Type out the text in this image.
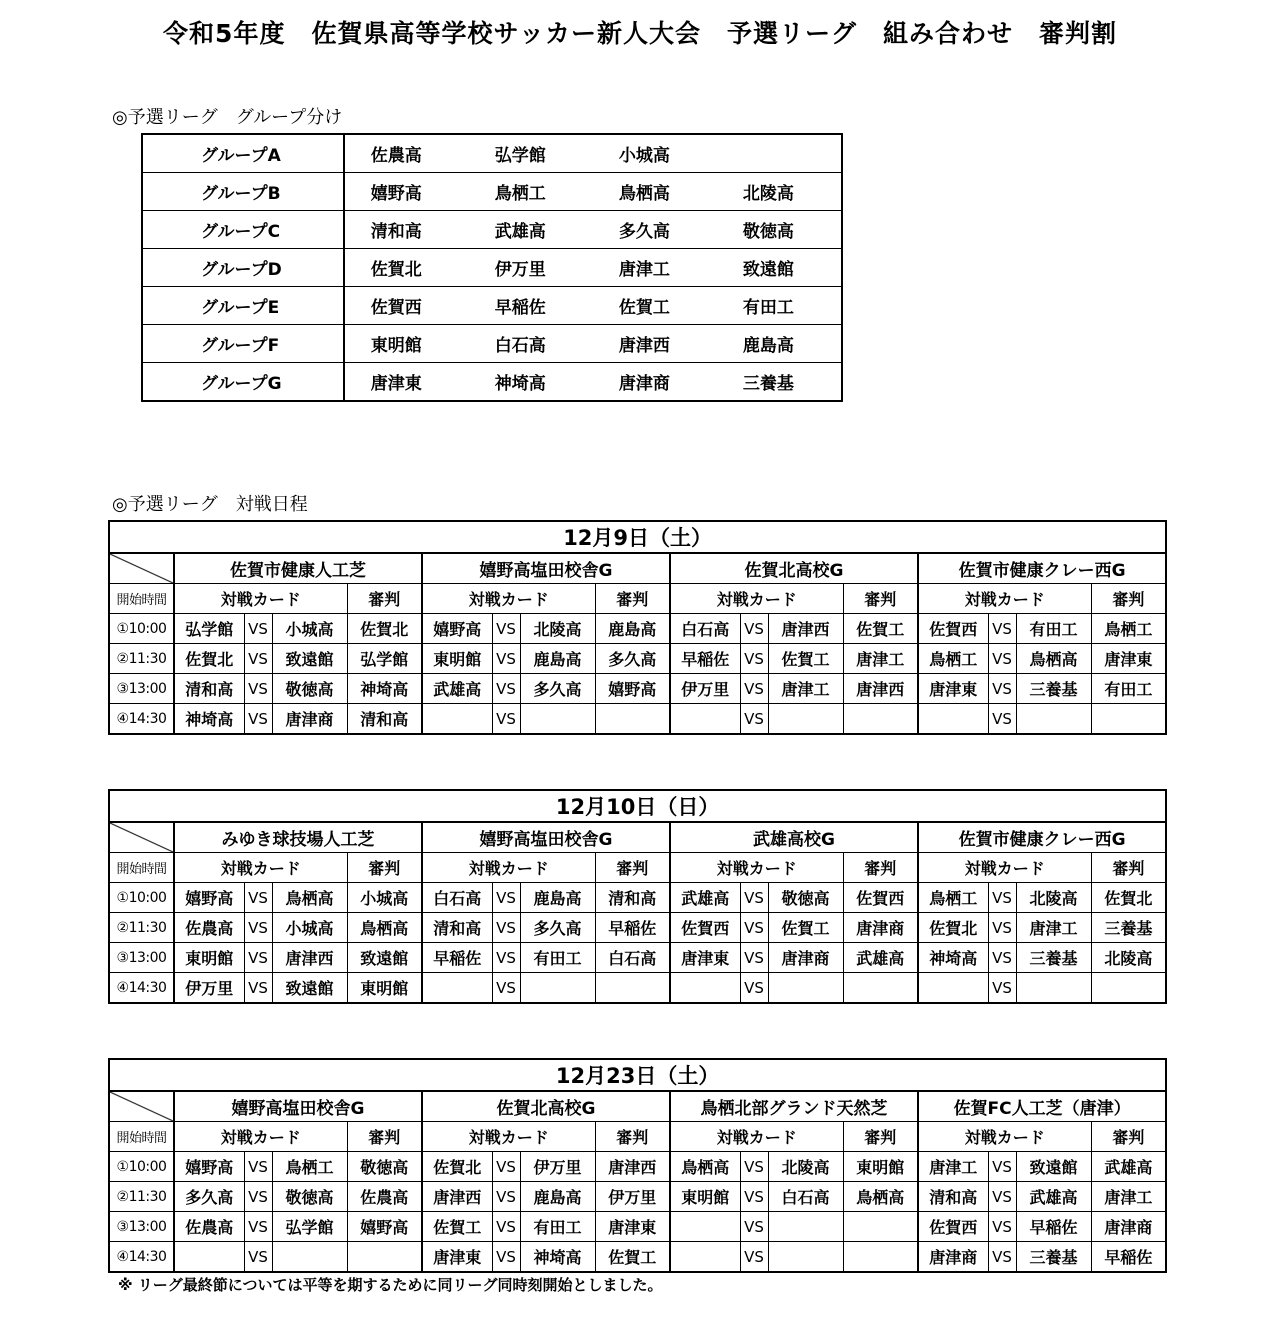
令和5年度　佐賀県高等学校サッカー新人大会　予選リーグ　組み合わせ　審判割
◎予選リーグ　グループ分け
グループA	佐農高	弘学館	小城高	
グループB	嬉野高	鳥栖工	鳥栖高	北陵高
グループC	清和高	武雄高	多久高	敬徳高
グループD	佐賀北	伊万里	唐津工	致遠館
グループE	佐賀西	早稲佐	佐賀工	有田工
グループF	東明館	白石高	唐津西	鹿島高
グループG	唐津東	神埼高	唐津商	三養基
◎予選リーグ　対戦日程
12月9日（土）																
	佐賀市健康人工芝				嬉野高塩田校舎G				佐賀北高校G				佐賀市健康クレー西G			
開始時間	対戦カード			審判	対戦カード			審判	対戦カード			審判	対戦カード			審判
①10:00	弘学館	VS	小城高	佐賀北	嬉野高	VS	北陵高	鹿島高	白石高	VS	唐津西	佐賀工	佐賀西	VS	有田工	鳥栖工
②11:30	佐賀北	VS	致遠館	弘学館	東明館	VS	鹿島高	多久高	早稲佐	VS	佐賀工	唐津工	鳥栖工	VS	鳥栖高	唐津東
③13:00	清和高	VS	敬徳高	神埼高	武雄高	VS	多久高	嬉野高	伊万里	VS	唐津工	唐津西	唐津東	VS	三養基	有田工
④14:30	神埼高	VS	唐津商	清和高		VS				VS				VS		
12月10日（日）																
	みゆき球技場人工芝				嬉野高塩田校舎G				武雄高校G				佐賀市健康クレー西G			
開始時間	対戦カード			審判	対戦カード			審判	対戦カード			審判	対戦カード			審判
①10:00	嬉野高	VS	鳥栖高	小城高	白石高	VS	鹿島高	清和高	武雄高	VS	敬徳高	佐賀西	鳥栖工	VS	北陵高	佐賀北
②11:30	佐農高	VS	小城高	鳥栖高	清和高	VS	多久高	早稲佐	佐賀西	VS	佐賀工	唐津商	佐賀北	VS	唐津工	三養基
③13:00	東明館	VS	唐津西	致遠館	早稲佐	VS	有田工	白石高	唐津東	VS	唐津商	武雄高	神埼高	VS	三養基	北陵高
④14:30	伊万里	VS	致遠館	東明館		VS				VS				VS		
12月23日（土）																
	嬉野高塩田校舎G				佐賀北高校G				鳥栖北部グランド天然芝				佐賀FC人工芝（唐津）			
開始時間	対戦カード			審判	対戦カード			審判	対戦カード			審判	対戦カード			審判
①10:00	嬉野高	VS	鳥栖工	敬徳高	佐賀北	VS	伊万里	唐津西	鳥栖高	VS	北陵高	東明館	唐津工	VS	致遠館	武雄高
②11:30	多久高	VS	敬徳高	佐農高	唐津西	VS	鹿島高	伊万里	東明館	VS	白石高	鳥栖高	清和高	VS	武雄高	唐津工
③13:00	佐農高	VS	弘学館	嬉野高	佐賀工	VS	有田工	唐津東		VS			佐賀西	VS	早稲佐	唐津商
④14:30		VS			唐津東	VS	神埼高	佐賀工		VS			唐津商	VS	三養基	早稲佐
※ リーグ最終節については平等を期するために同リーグ同時刻開始としました。
